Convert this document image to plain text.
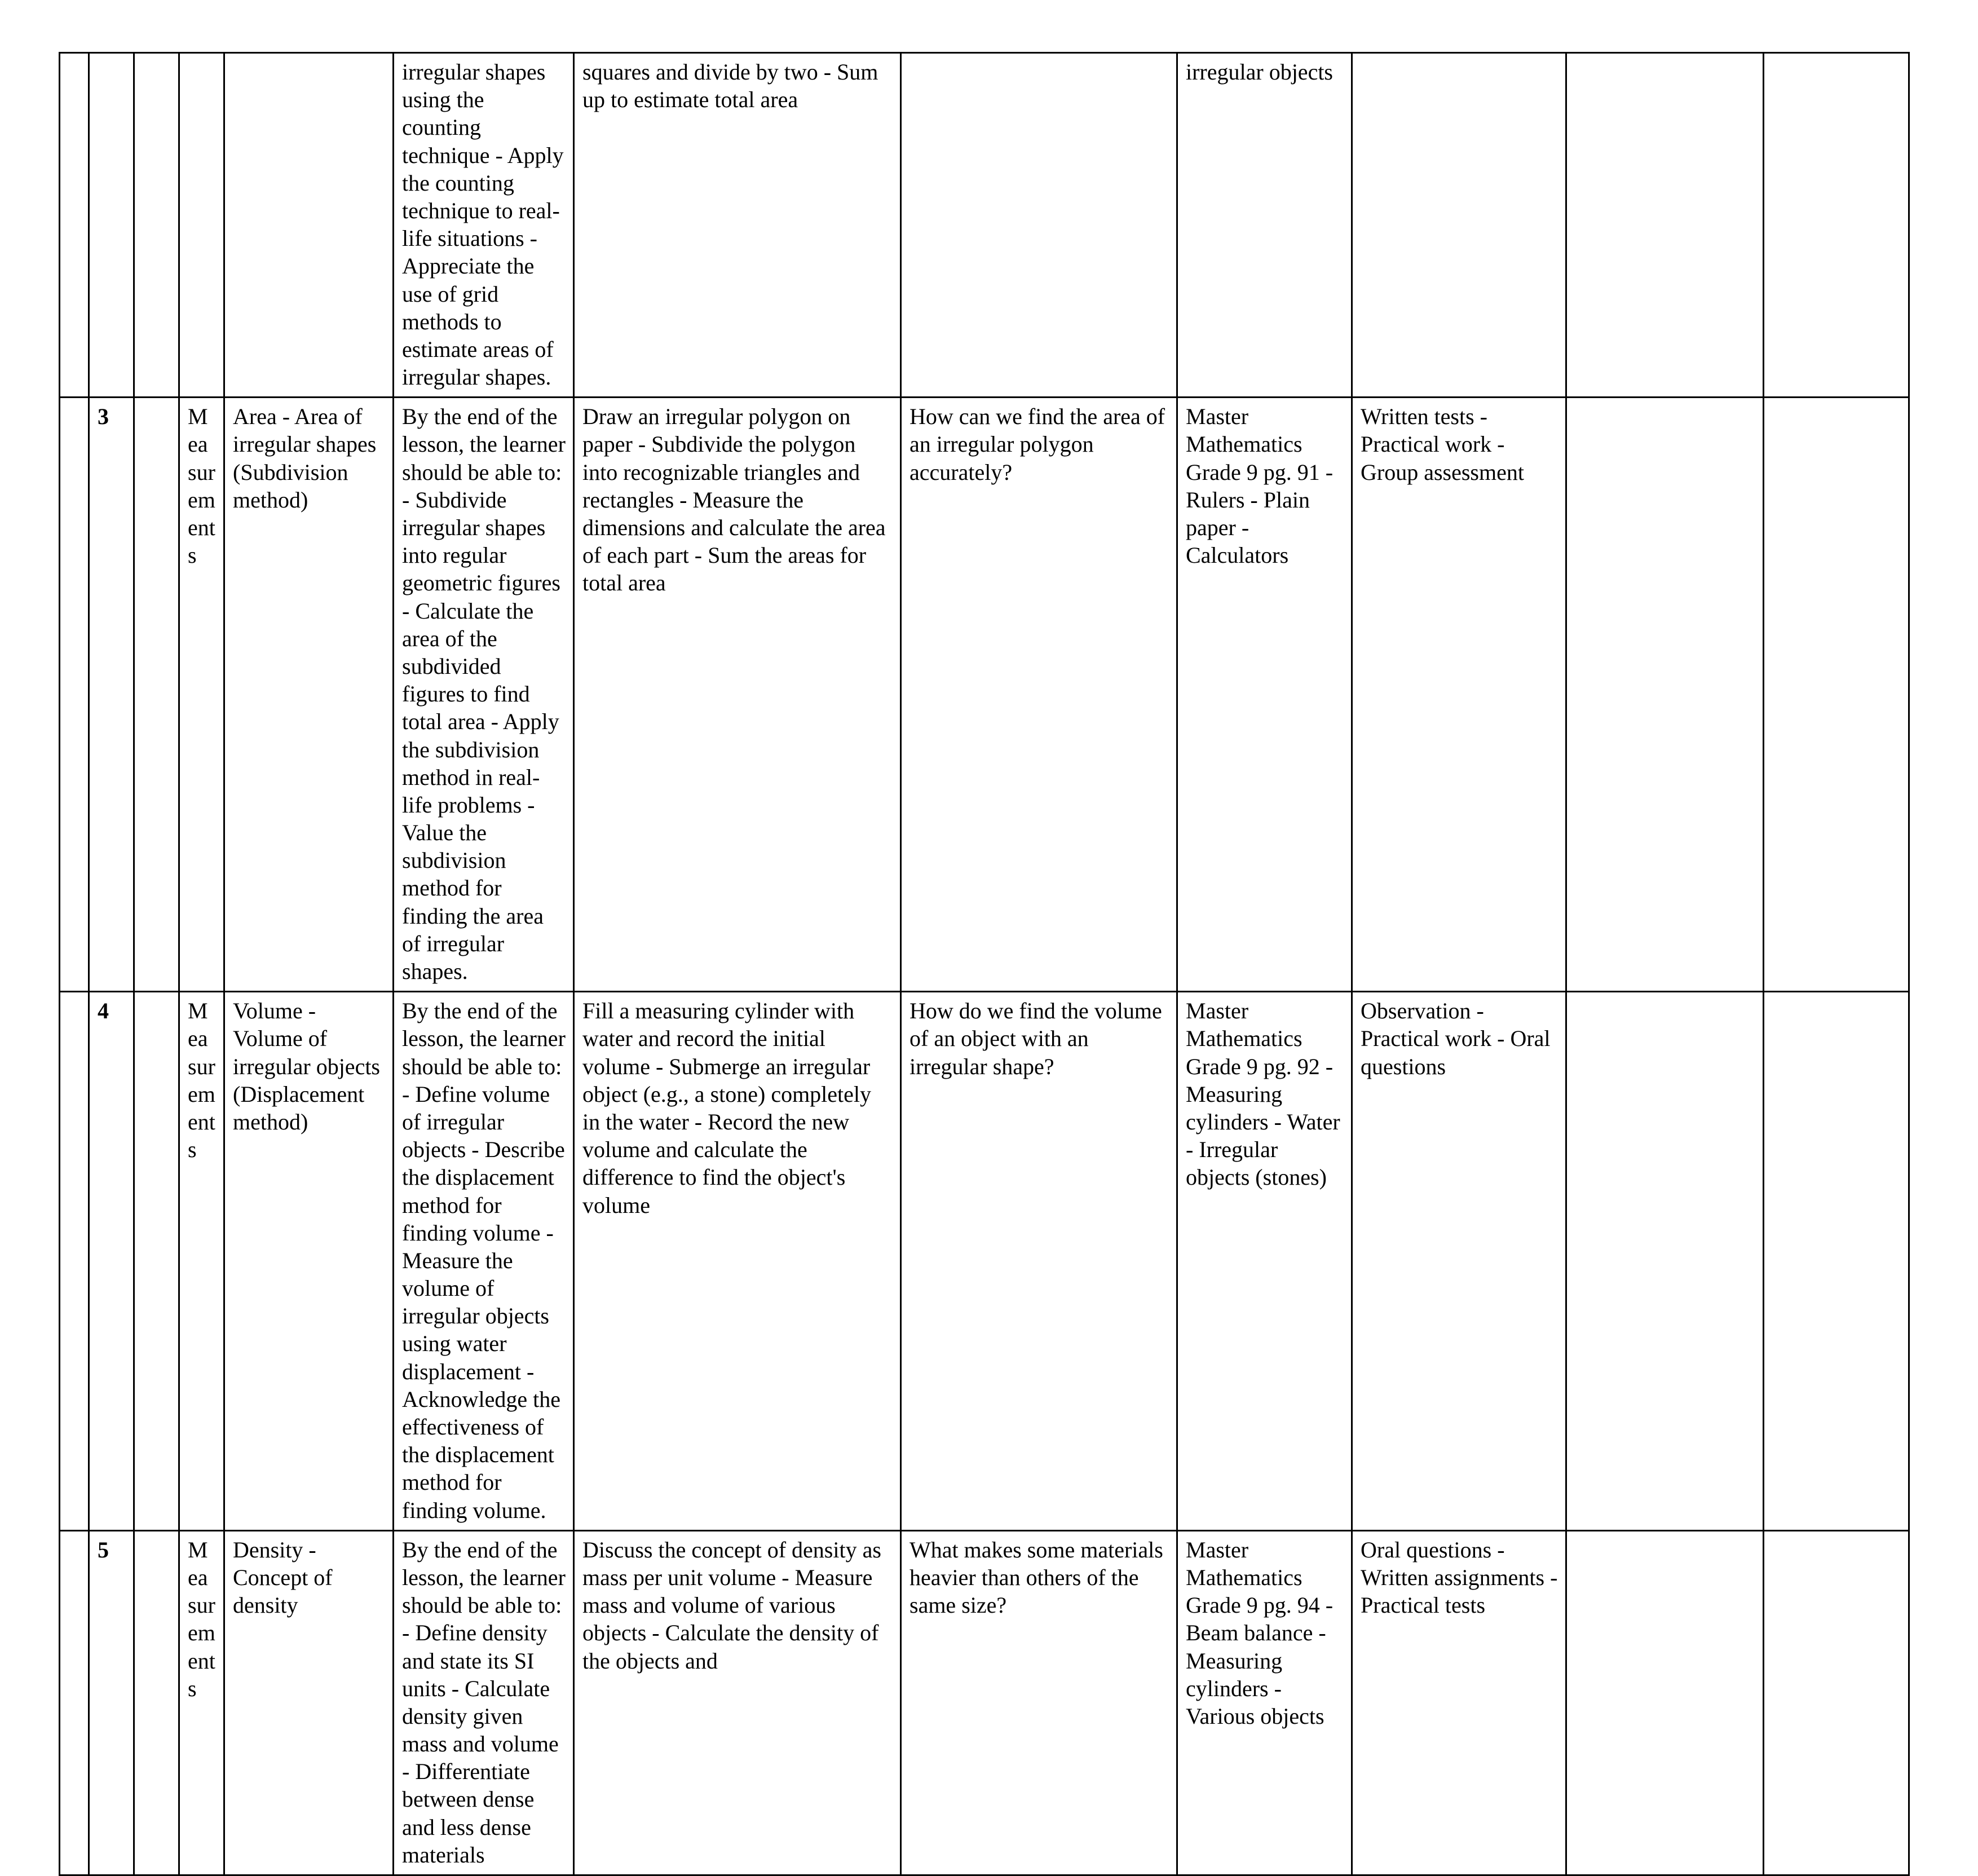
					irregular shapes using the counting technique - Apply the counting technique to real-life situations - Appreciate the use of grid methods to estimate areas of irregular shapes.	squares and divide by two - Sum up to estimate total area		irregular objects			
	3		Measurements	Area - Area of irregular shapes (Subdivision method)	By the end of the lesson, the learner should be able to: - Subdivide irregular shapes into regular geometric figures - Calculate the area of the subdivided figures to find total area - Apply the subdivision method in real-life problems - Value the subdivision method for finding the area of irregular shapes.	Draw an irregular polygon on paper - Subdivide the polygon into recognizable triangles and rectangles - Measure the dimensions and calculate the area of each part - Sum the areas for total area	How can we find the area of an irregular polygon accurately?	Master Mathematics Grade 9 pg. 91 - Rulers - Plain paper - Calculators	Written tests - Practical work - Group assessment		
	4		Measurements	Volume - Volume of irregular objects (Displacement method)	By the end of the lesson, the learner should be able to: - Define volume of irregular objects - Describe the displacement method for finding volume - Measure the volume of irregular objects using water displacement - Acknowledge the effectiveness of the displacement method for finding volume.	Fill a measuring cylinder with water and record the initial volume - Submerge an irregular object (e.g., a stone) completely in the water - Record the new volume and calculate the difference to find the object's volume	How do we find the volume of an object with an irregular shape?	Master Mathematics Grade 9 pg. 92 - Measuring cylinders - Water - Irregular objects (stones)	Observation - Practical work - Oral questions		
	5		Measurements	Density - Concept of density	By the end of the lesson, the learner should be able to: - Define density and state its SI units - Calculate density given mass and volume - Differentiate between dense and less dense materials	Discuss the concept of density as mass per unit volume - Measure mass and volume of various objects - Calculate the density of the objects and	What makes some materials heavier than others of the same size?	Master Mathematics Grade 9 pg. 94 - Beam balance - Measuring cylinders - Various objects	Oral questions - Written assignments - Practical tests		
